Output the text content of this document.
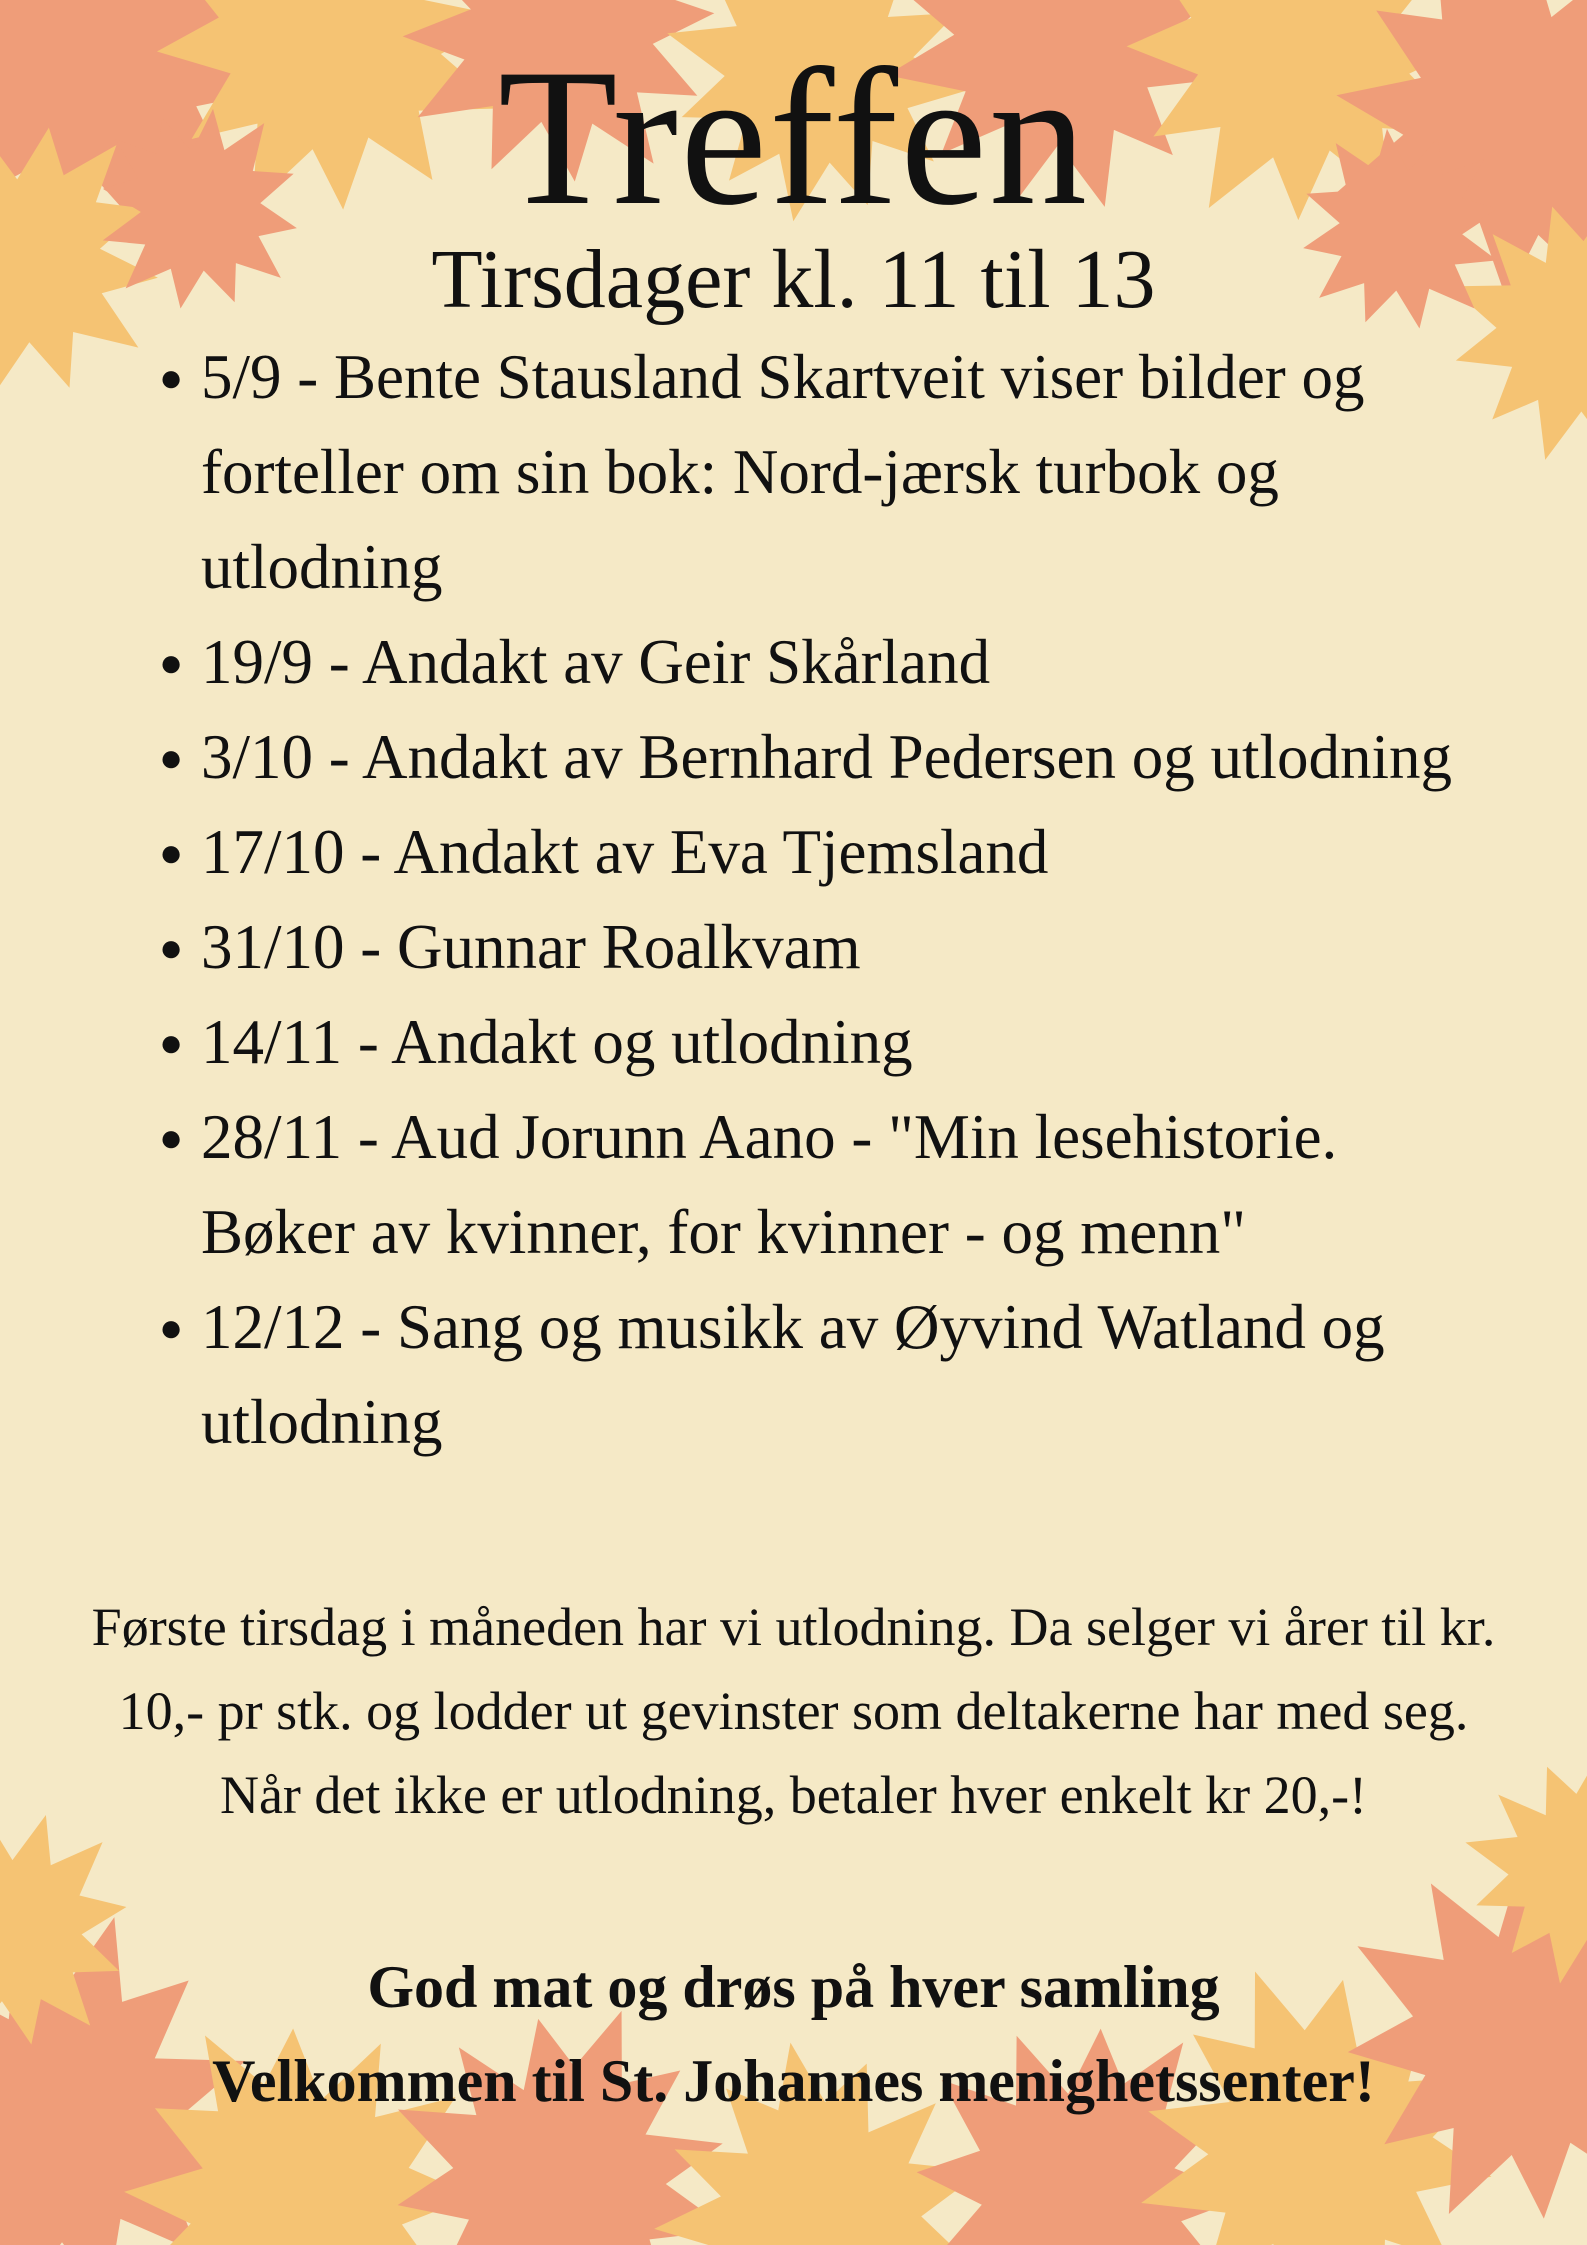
Treffen
Tirsdager kl. 11 til 13
● 5/9 - Bente Stausland Skartveit viser bilder og forteller om sin bok: Nord-jærsk turbok og utlodning
● 19/9 - Andakt av Geir Skårland
● 3/10 - Andakt av Bernhard Pedersen og utlodning
● 17/10 - Andakt av Eva Tjemsland
● 31/10 - Gunnar Roalkvam
● 14/11 - Andakt og utlodning
● 28/11 - Aud Jorunn Aano - "Min lesehistorie. Bøker av kvinner, for kvinner - og menn"
● 12/12 - Sang og musikk av Øyvind Watland og utlodning
Første tirsdag i måneden har vi utlodning. Da selger vi årer til kr. 10,- pr stk. og lodder ut gevinster som deltakerne har med seg. Når det ikke er utlodning, betaler hver enkelt kr 20,-!
God mat og drøs på hver samling
Velkommen til St. Johannes menighetssenter!
